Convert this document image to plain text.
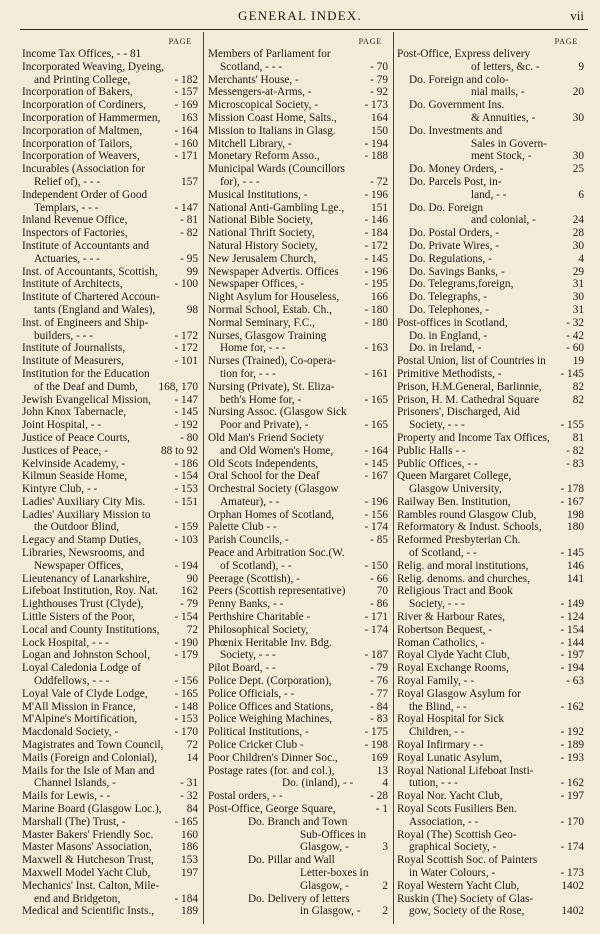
GENERAL INDEX.	vii
PAGE
Income Tax Offices, - - 81
Incorporated Weaving, Dyeing,
and Printing College,	- 182
Incorporation of Bakers,	- 157
Incorporation of Cordiners,	- 169
Incorporation of Hammermen,	163
Incorporation of Maltmen,	- 164
Incorporation of Tailors,	- 160
Incorporation of Weavers,	- 171
Incurables (Association for
Relief of), - - -	157
Independent Order of Good
Templars, - - -	- 147
Inland Revenue Office,	- 81
Inspectors of Factories,	- 82
Institute of Accountants and
Actuaries, - - -	- 95
Inst. of Accountants, Scottish,	99
Institute of Architects,	- 100
Institute of Chartered Accoun-
tants (England and Wales),	98
Inst. of Engineers and Ship-
builders, - - -	- 172
Institute of Journalists,	- 172
Institute of Measurers,	- 101
Institution for the Education
of the Deaf and Dumb,	168, 170
Jewish Evangelical Mission,	- 147
John Knox Tabernacle,	- 145
Joint Hospital, - -	- 192
Justice of Peace Courts,	- 80
Justices of Peace, -	88 to 92
Kelvinside Academy, -	- 186
Kilmun Seaside Home,	- 154
Kintyre Club, - -	- 153
Ladies' Auxiliary City Mis.	- 151
Ladies' Auxiliary Mission to
the Outdoor Blind,	- 159
Legacy and Stamp Duties,	- 103
Libraries, Newsrooms, and
Newspaper Offices,	- 194
Lieutenancy of Lanarkshire,	90
Lifeboat Institution, Roy. Nat.	162
Lighthouses Trust (Clyde),	- 79
Little Sisters of the Poor,	- 154
Local and County Institutions,	72
Lock Hospital, - - -	- 190
Logan and Johnston School,	- 179
Loyal Caledonia Lodge of
Oddfellows, - - -	- 156
Loyal Vale of Clyde Lodge,	- 165
M'All Mission in France,	- 148
M'Alpine's Mortification,	- 153
Macdonald Society, -	- 170
Magistrates and Town Council,	72
Mails (Foreign and Colonial),	14
Mails for the Isle of Man and
Channel Islands, -	- 31
Mails for Lewis, - -	- 32
Marine Board (Glasgow Loc.),	84
Marshall (The) Trust, -	- 165
Master Bakers' Friendly Soc.	160
Master Masons' Association,	186
Maxwell & Hutcheson Trust,	153
Maxwell Model Yacht Club,	197
Mechanics' Inst. Calton, Mile-
end and Bridgeton,	- 184
Medical and Scientific Insts.,	189
PAGE
Members of Parliament for
Scotland, - - -	- 70
Merchants' House, -	- 79
Messengers-at-Arms, -	- 92
Microscopical Society, -	- 173
Mission Coast Home, Salts.,	164
Mission to Italians in Glasg.	150
Mitchell Library, -	- 194
Monetary Reform Asso.,	- 188
Municipal Wards (Councillors
for), - - -	- 72
Musical Institutions, -	- 196
National Anti-Gambling Lge.,	151
National Bible Society,	- 146
National Thrift Society,	- 184
Natural History Society,	- 172
New Jerusalem Church,	- 145
Newspaper Advertis. Offices	- 196
Newspaper Offices, -	- 195
Night Asylum for Houseless,	166
Normal School, Estab. Ch.,	- 180
Normal Seminary, F.C.,	- 180
Nurses, Glasgow Training
Home for, - - -	- 163
Nurses (Trained), Co-opera-
tion for, - - -	- 161
Nursing (Private), St. Eliza-
beth's Home for, -	- 165
Nursing Assoc. (Glasgow Sick
Poor and Private), -	- 165
Old Man's Friend Society
and Old Women's Home,	- 164
Old Scots Independents,	- 145
Oral School for the Deaf	- 167
Orchestral Society (Glasgow
Amateur), - -	- 196
Orphan Homes of Scotland,	- 156
Palette Club - -	- 174
Parish Councils, -	- 85
Peace and Arbitration Soc.(W.
of Scotland), - -	- 150
Peerage (Scottish), -	- 66
Peers (Scottish representative)	70
Penny Banks, - -	- 86
Perthshire Charitable -	- 171
Philosophical Society,	- 174
Phœnix Heritable Inv. Bdg.
Society, - - -	- 187
Pilot Board, - -	- 79
Police Dept. (Corporation),	- 76
Police Officials, - -	- 77
Police Offices and Stations,	- 84
Police Weighing Machines,	- 83
Political Institutions, -	- 175
Police Cricket Club -	- 198
Poor Children's Dinner Soc.,	169
Postage rates (for. and col.),	13
Do. (inland), - -	4
Postal orders, - -	- 28
Post-Office, George Square,	- 1
Do. Branch and Town
Sub-Offices in
Glasgow, -	3
Do. Pillar and Wall
Letter-boxes in
Glasgow, -	2
Do. Delivery of letters
in Glasgow, -	2
PAGE
Post-Office, Express delivery
of letters, &c. -	9
Do. Foreign and colo-
nial mails, -	20
Do. Government Ins.
& Annuities, -	30
Do. Investments and
Sales in Govern-
ment Stock, -	30
Do. Money Orders, -	25
Do. Parcels Post, in-
land, - -	6
Do. Do. Foreign
and colonial, -	24
Do. Postal Orders, -	28
Do. Private Wires, -	30
Do. Regulations, -	4
Do. Savings Banks, -	29
Do. Telegrams,foreign,	31
Do. Telegraphs, -	30
Do. Telephones, -	31
Post-offices in Scotland,	- 32
Do. in England, -	- 42
Do. in Ireland, -	- 60
Postal Union, list of Countries in	19
Primitive Methodists, -	- 145
Prison, H.M.General, Barlinnie,	82
Prison, H. M. Cathedral Square	82
Prisoners', Discharged, Aid
Society, - - -	- 155
Property and Income Tax Offices,	81
Public Halls - -	- 82
Public Offices, - -	- 83
Queen Margaret College,
Glasgow University,	- 178
Railway Ben. Institution,	- 167
Rambles round Glasgow Club,	198
Reformatory & Indust. Schools,	180
Reformed Presbyterian Ch.
of Scotland, - -	- 145
Relig. and moral institutions,	146
Relig. denoms. and churches,	141
Religious Tract and Book
Society, - - -	- 149
River & Harbour Rates,	- 124
Robertson Bequest, -	- 154
Roman Catholics, -	- 144
Royal Clyde Yacht Club,	- 197
Royal Exchange Rooms,	- 194
Royal Family, - -	- 63
Royal Glasgow Asylum for
the Blind, - -	- 162
Royal Hospital for Sick
Children, - -	- 192
Royal Infirmary - -	- 189
Royal Lunatic Asylum,	- 193
Royal National Lifeboat Insti-
tution, - - -	- 162
Royal Nor. Yacht Club,	- 197
Royal Scots Fusiliers Ben.
Association, - -	- 170
Royal (The) Scottish Geo-
graphical Society, -	- 174
Royal Scottish Soc. of Painters
in Water Colours, -	- 173
Royal Western Yacht Club,	1402
Ruskin (The) Society of Glas-
gow, Society of the Rose,	1402
